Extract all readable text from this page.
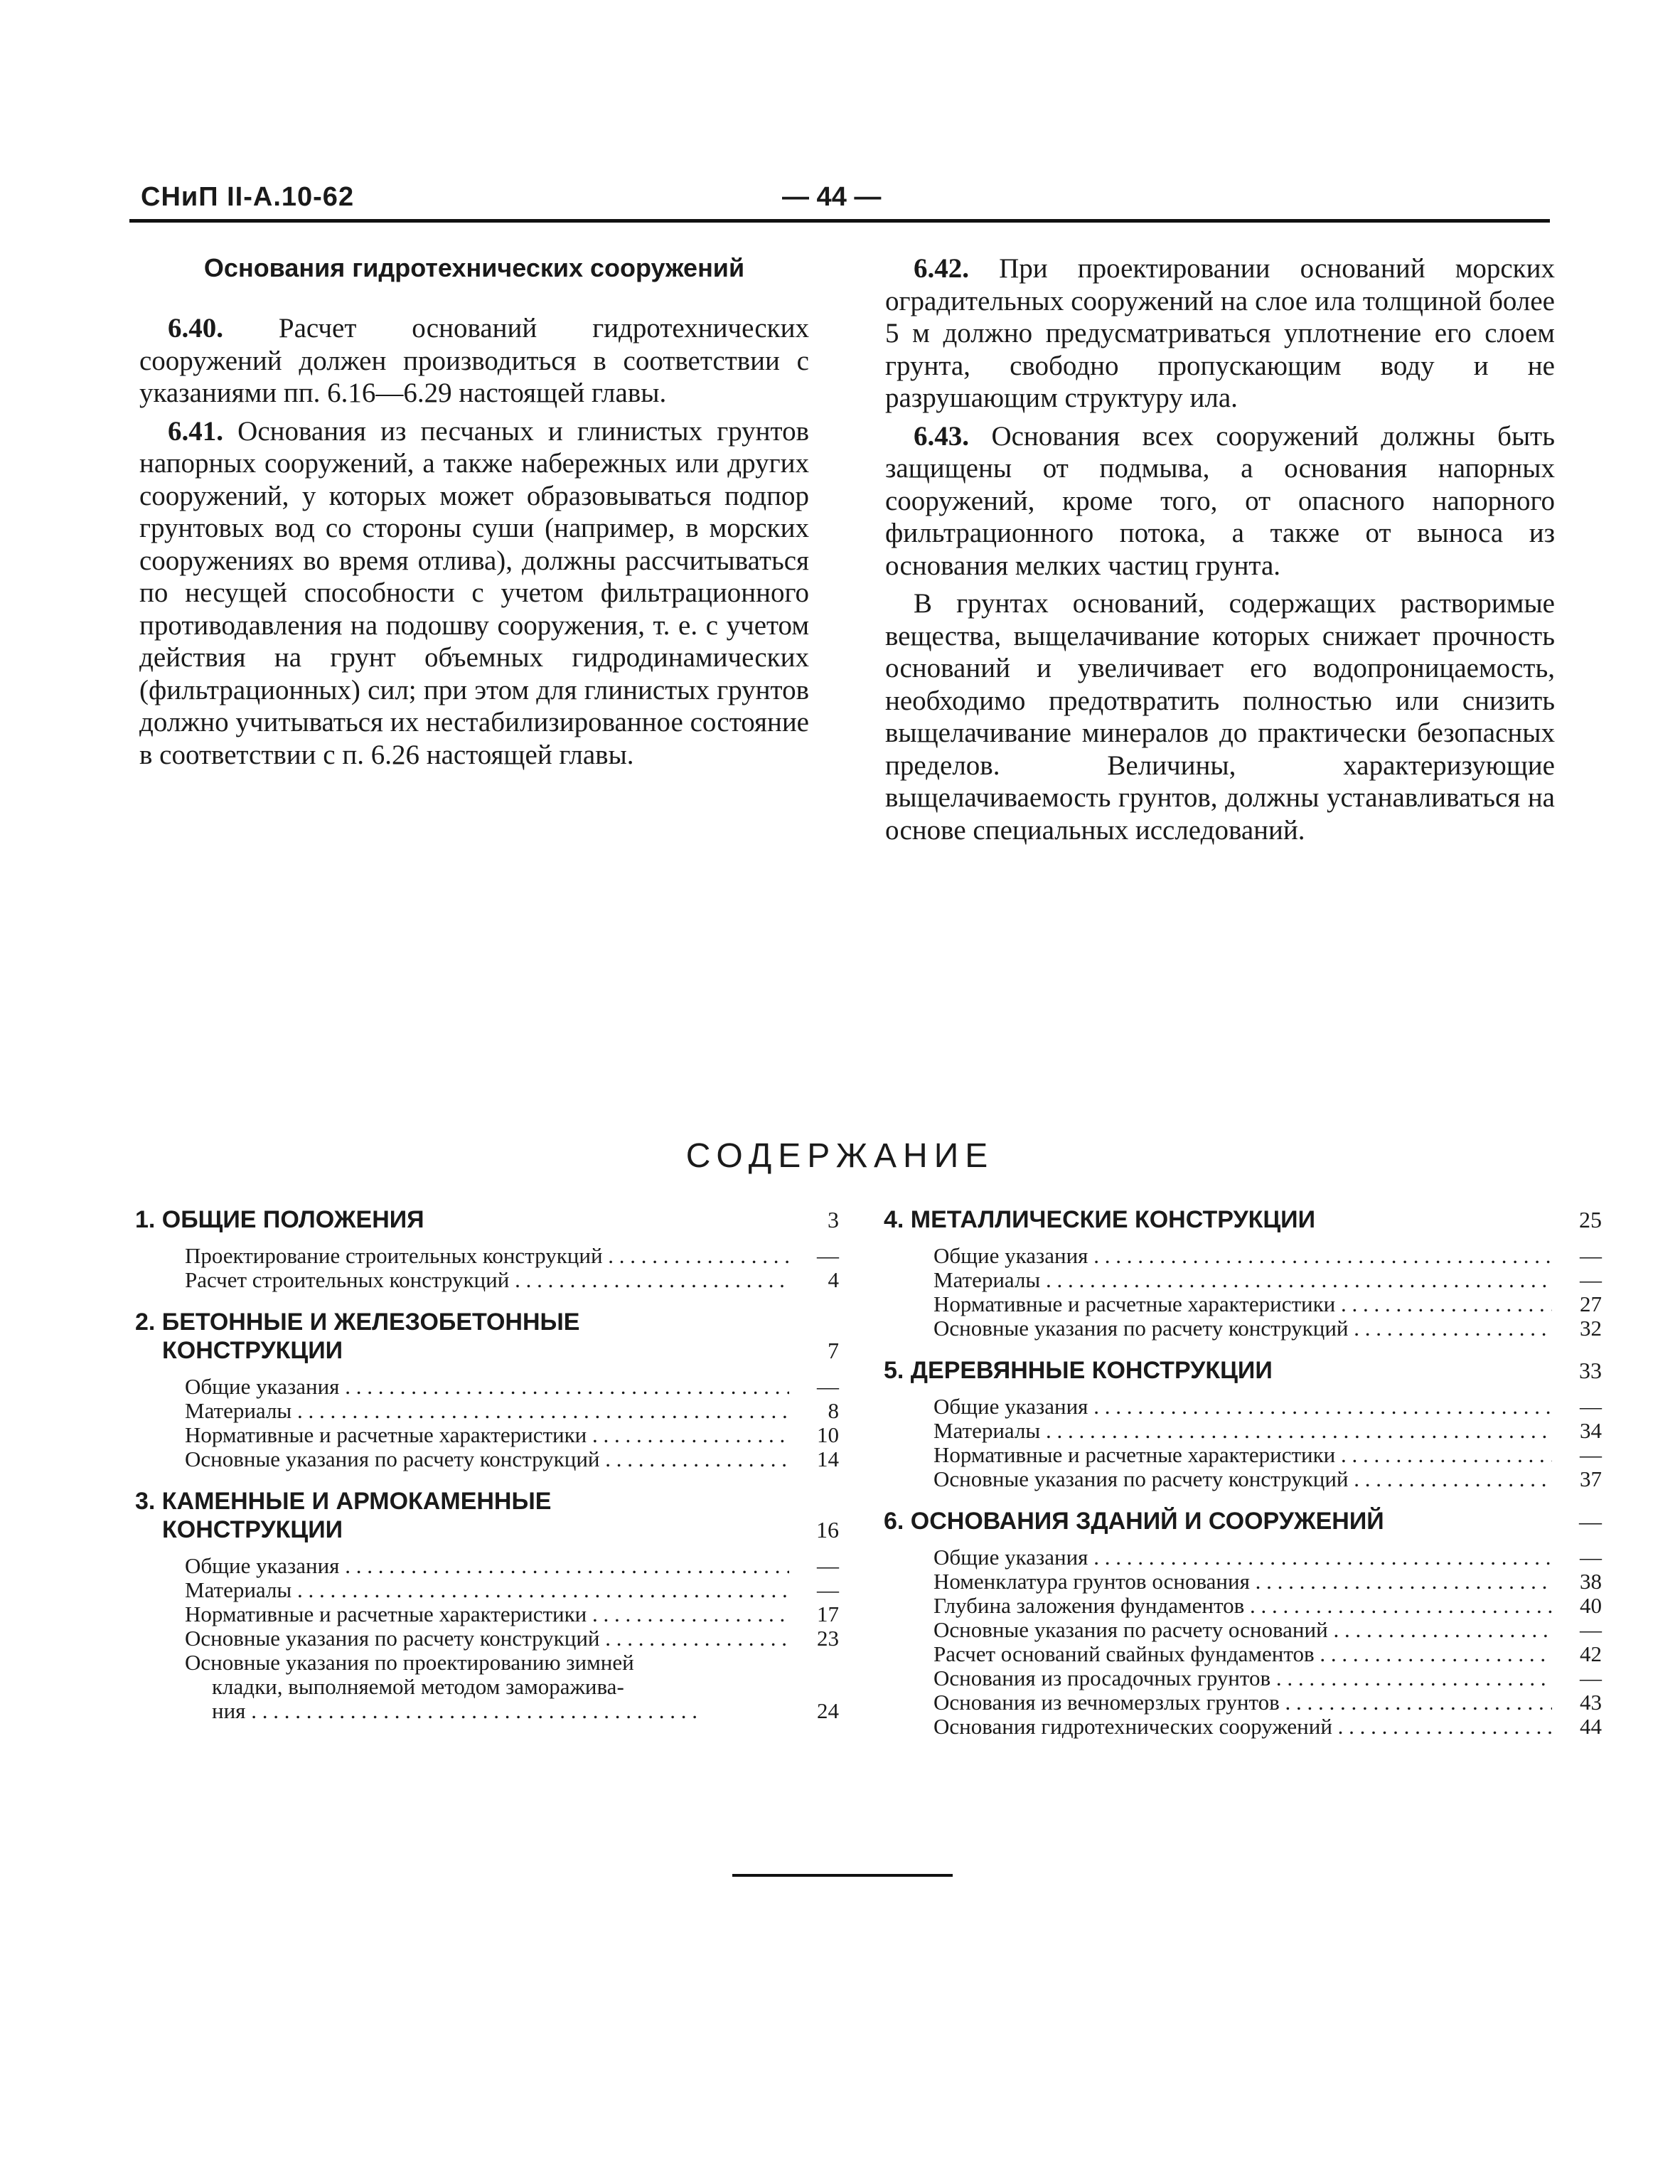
СНиП II-А.10-62	— 44 —
Основания гидротехнических сооружений

6.40. Расчет оснований гидротехнических сооружений должен производиться в соответствии с указаниями пп. 6.16—6.29 настоящей главы.

6.41. Основания из песчаных и глинистых грунтов напорных сооружений, а также набережных или других сооружений, у которых может образовываться подпор грунтовых вод со стороны суши (например, в морских сооружениях во время отлива), должны рассчитываться по несущей способности с учетом фильтрационного противодавления на подошву сооружения, т. е. с учетом действия на грунт объемных гидродинамических (фильтрационных) сил; при этом для глинистых грунтов должно учитываться их нестабилизированное состояние в соответствии с п. 6.26 настоящей главы.

6.42. При проектировании оснований морских оградительных сооружений на слое ила толщиной более 5 м должно предусматриваться уплотнение его слоем грунта, свободно пропускающим воду и не разрушающим структуру ила.

6.43. Основания всех сооружений должны быть защищены от подмыва, а основания напорных сооружений, кроме того, от опасного напорного фильтрационного потока, а также от выноса из основания мелких частиц грунта.

В грунтах оснований, содержащих растворимые вещества, выщелачивание которых снижает прочность оснований и увеличивает его водопроницаемость, необходимо предотвратить полностью или снизить выщелачивание минералов до практически безопасных пределов. Величины, характеризующие выщелачиваемость грунтов, должны устанавливаться на основе специальных исследований.

СОДЕРЖАНИЕ
1. ОБЩИЕ ПОЛОЖЕНИЯ	3
Проектирование строительных конструкций . . .	—
Расчет строительных конструкций . . .	4
2. БЕТОННЫЕ И ЖЕЛЕЗОБЕТОННЫЕ
КОНСТРУКЦИИ	7
Общие указания . . .	—
Материалы . . .	8
Нормативные и расчетные характеристики . . .	10
Основные указания по расчету конструкций . . .	14
3. КАМЕННЫЕ И АРМОКАМЕННЫЕ
КОНСТРУКЦИИ	16
Общие указания . . .	—
Материалы . . .	—
Нормативные и расчетные характеристики . . .	17
Основные указания по расчету конструкций . . .	23
Основные указания по проектированию зимней
кладки, выполняемой методом заморажива-
ния . . .	24
4. МЕТАЛЛИЧЕСКИЕ КОНСТРУКЦИИ	25
Общие указания . . .	—
Материалы . . .	—
Нормативные и расчетные характеристики . . .	27
Основные указания по расчету конструкций . . .	32
5. ДЕРЕВЯННЫЕ КОНСТРУКЦИИ	33
Общие указания . . .	—
Материалы . . .	34
Нормативные и расчетные характеристики . . .	—
Основные указания по расчету конструкций . . .	37
6. ОСНОВАНИЯ ЗДАНИЙ И СООРУЖЕНИЙ	—
Общие указания . . .	—
Номенклатура грунтов основания . . .	38
Глубина заложения фундаментов . . .	40
Основные указания по расчету оснований . . .	—
Расчет оснований свайных фундаментов . . .	42
Основания из просадочных грунтов . . .	—
Основания из вечномерзлых грунтов . . .	43
Основания гидротехнических сооружений . . .	44
